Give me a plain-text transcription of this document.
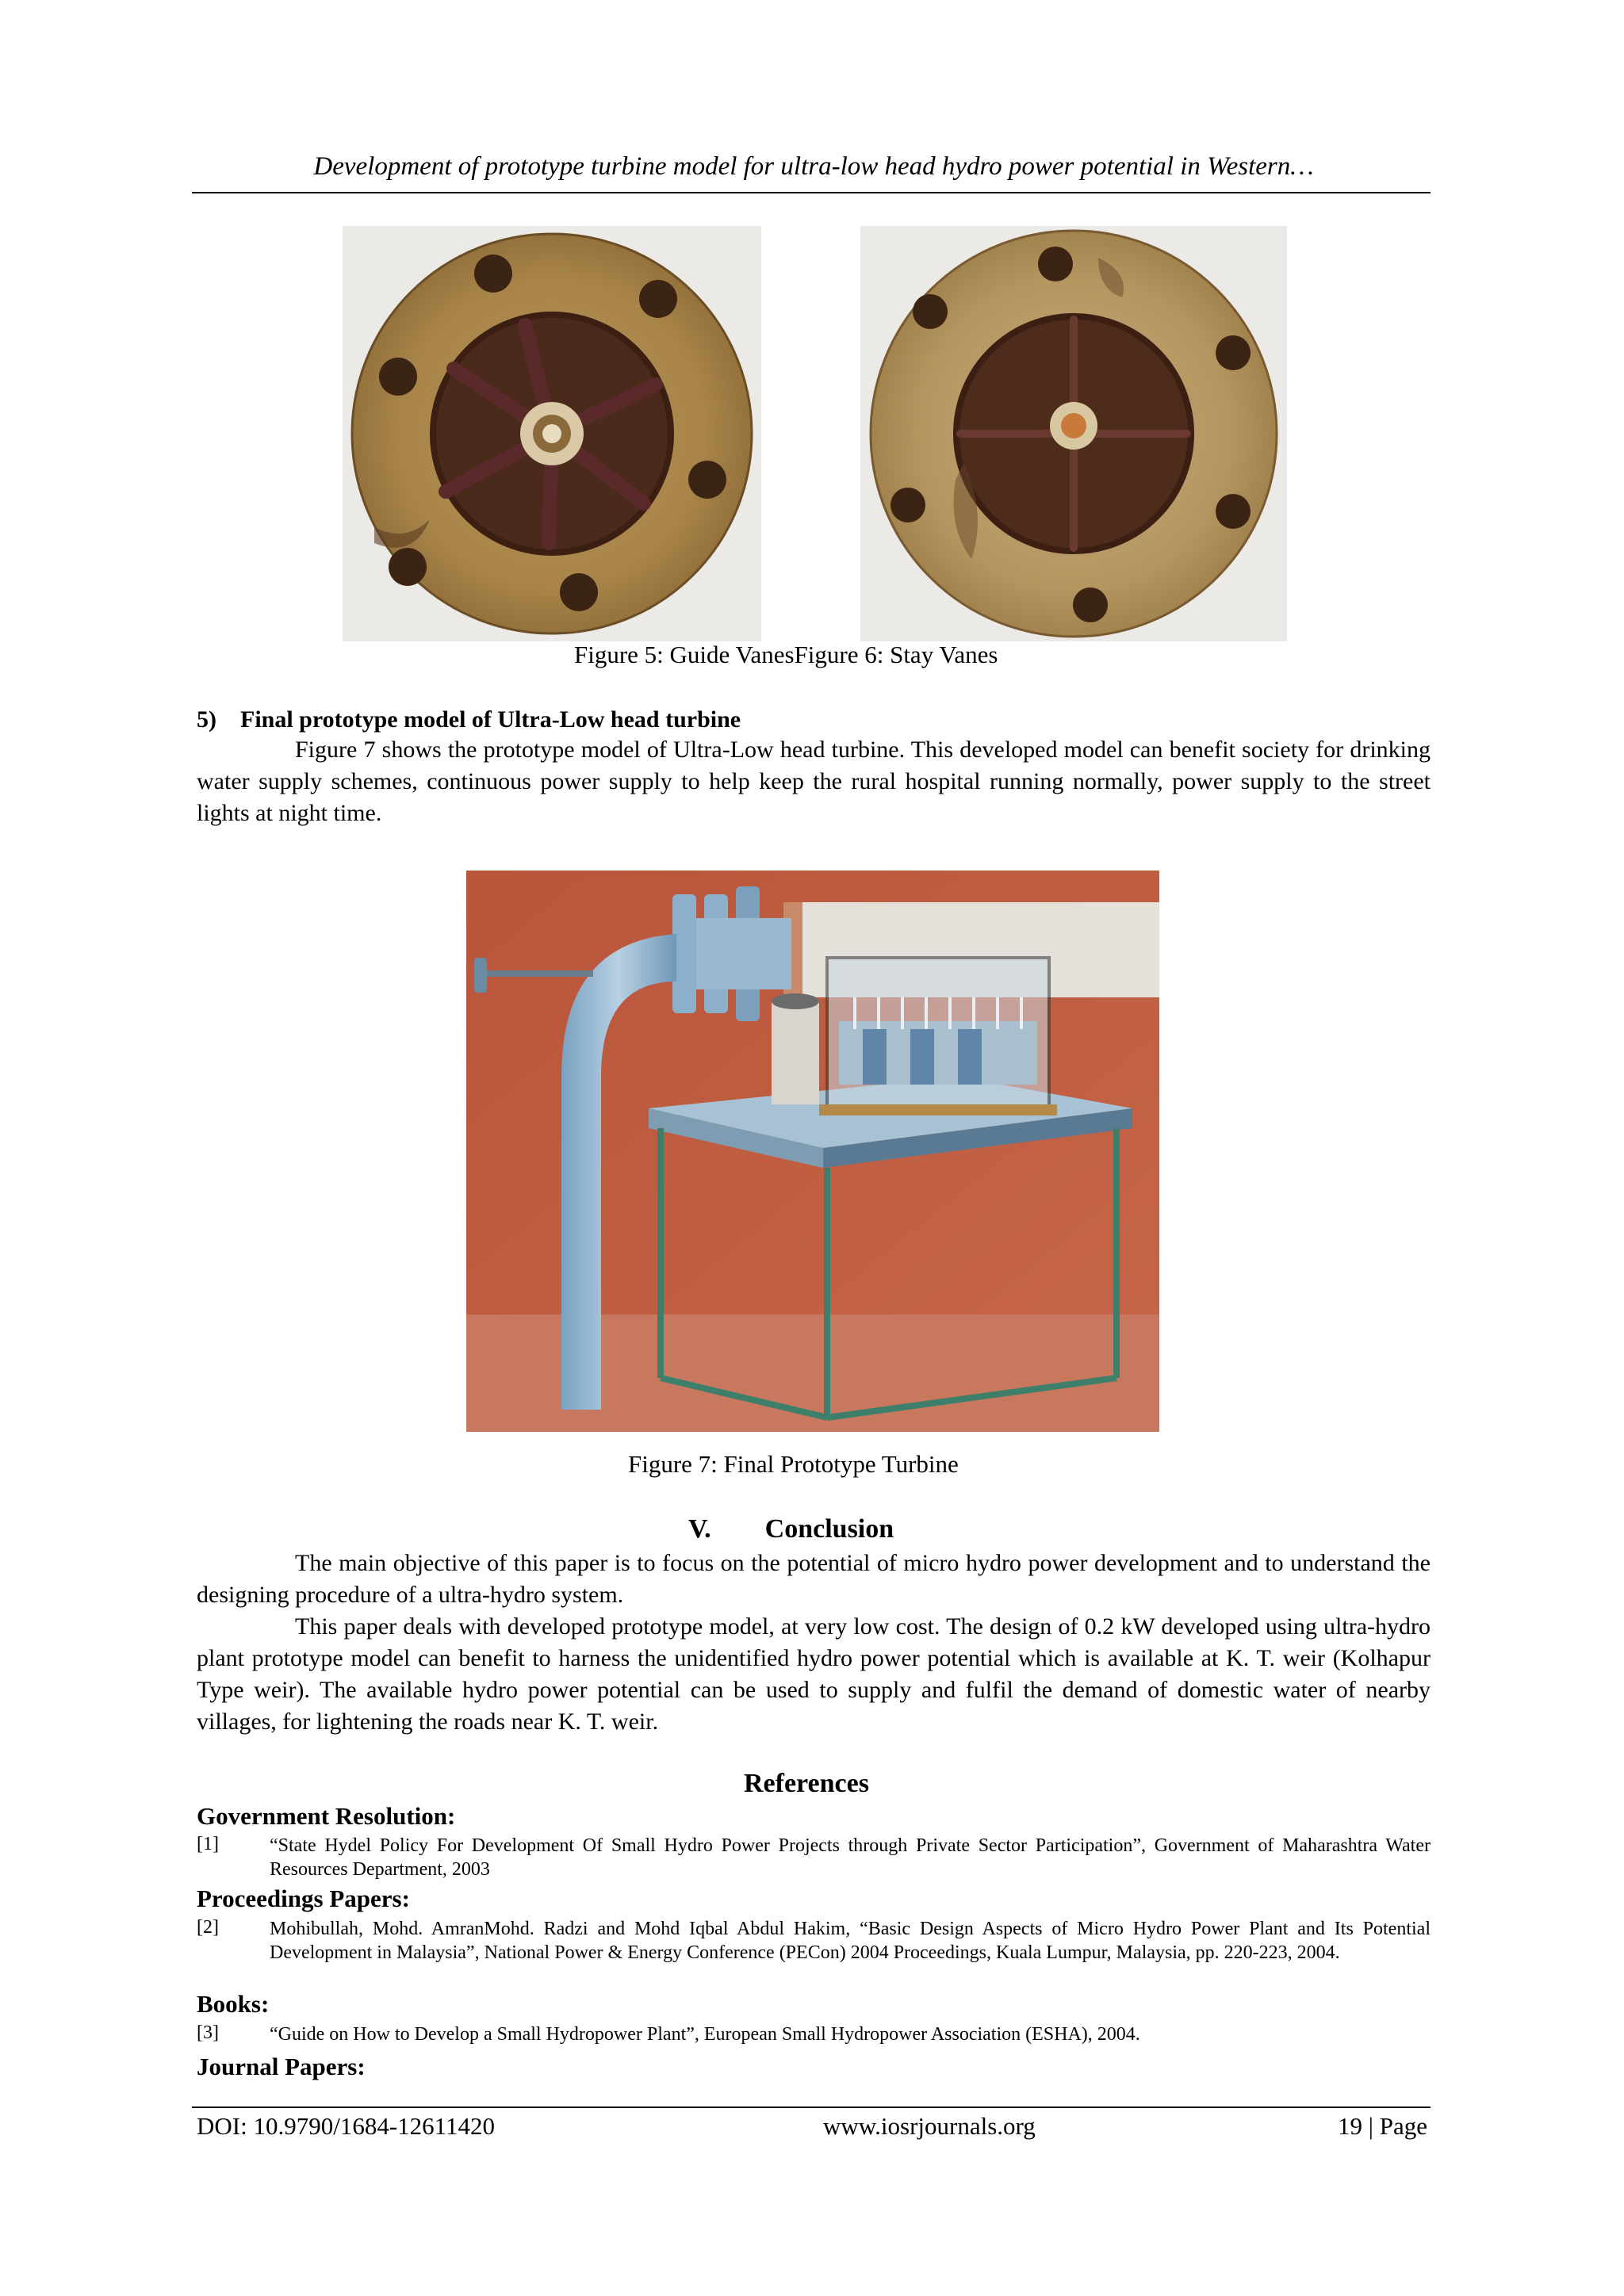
Development of prototype turbine model for ultra-low head hydro power potential in Western…
Figure 5: Guide VanesFigure 6: Stay Vanes
5) Final prototype model of Ultra-Low head turbine
Figure 7 shows the prototype model of Ultra-Low head turbine. This developed model can benefit society for drinking water supply schemes, continuous power supply to help keep the rural hospital running normally, power supply to the street lights at night time.
Figure 7: Final Prototype Turbine
V.  Conclusion
The main objective of this paper is to focus on the potential of micro hydro power development and to understand the designing procedure of a ultra-hydro system.
This paper deals with developed prototype model, at very low cost. The design of 0.2 kW developed using ultra-hydro plant prototype model can benefit to harness the unidentified hydro power potential which is available at K. T. weir (Kolhapur Type weir). The available hydro power potential can be used to supply and fulfil the demand of domestic water of nearby villages, for lightening the roads near K. T. weir.
References
Government Resolution:
[1]	“State Hydel Policy For Development Of Small Hydro Power Projects through Private Sector Participation”, Government of Maharashtra Water Resources Department, 2003
Proceedings Papers:
[2]	Mohibullah, Mohd. AmranMohd. Radzi and Mohd Iqbal Abdul Hakim, “Basic Design Aspects of Micro Hydro Power Plant and Its Potential Development in Malaysia”, National Power & Energy Conference (PECon) 2004 Proceedings, Kuala Lumpur, Malaysia, pp. 220-223, 2004.
Books:
[3]	“Guide on How to Develop a Small Hydropower Plant”, European Small Hydropower Association (ESHA), 2004.
Journal Papers:
DOI: 10.9790/1684-12611420	www.iosrjournals.org	19 | Page
